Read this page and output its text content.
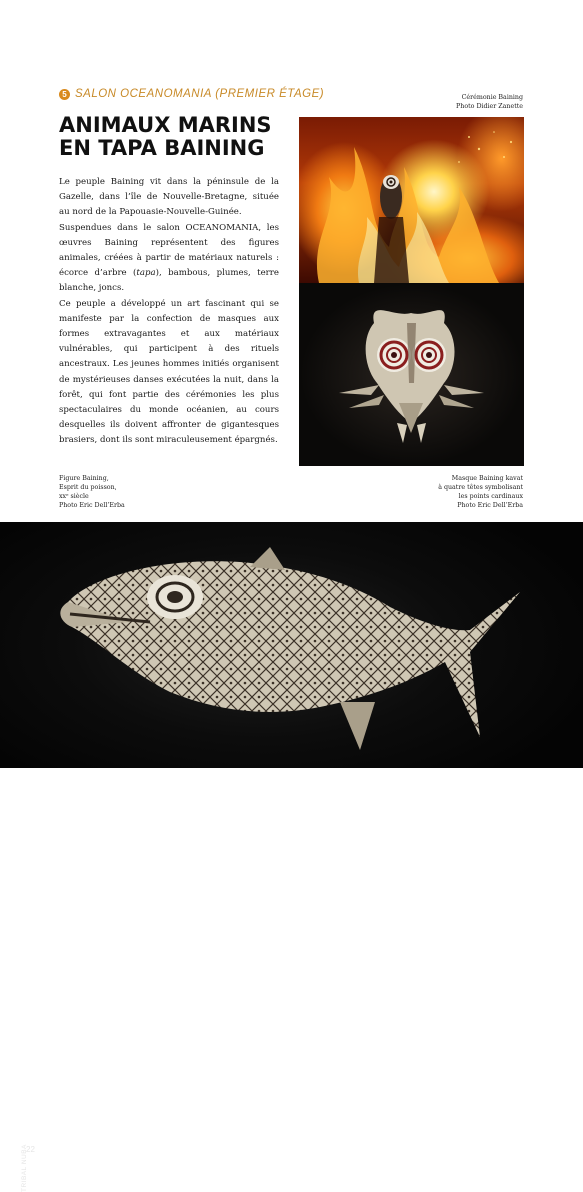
5 SALON OCEANOMANIA (PREMIER ÉTAGE)
ANIMAUX MARINS
EN TAPA BAINING

Le peuple Baining vit dans la péninsule de la Gazelle, dans l’île de Nouvelle-Bretagne, située au nord de la Papouasie-Nouvelle-Guinée.

Suspendues dans le salon OCEANOMANIA, les œuvres Baining représentent des figures animales, créées à partir de matériaux naturels : écorce d’arbre (tapa), bambous, plumes, terre blanche, joncs.

Ce peuple a développé un art fascinant qui se manifeste par la confection de masques aux formes extravagantes et aux matériaux vulnérables, qui participent à des rituels ancestraux. Les jeunes hommes initiés organisent de mystérieuses danses exécutées la nuit, dans la forêt, qui font partie des cérémonies les plus spectaculaires du monde océanien, au cours desquelles ils doivent affronter de gigantesques brasiers, dont ils sont miraculeusement épargnés.

Cérémonie Baining
Photo Didier Zanette
Figure Baining,
Esprit du poisson,
xxᵉ siècle
Photo Eric Dell’Erba
Masque Baining kavat
à quatre têtes symbolisant
les points cardinaux
Photo Eric Dell’Erba
22
TRIBAL NUBA
